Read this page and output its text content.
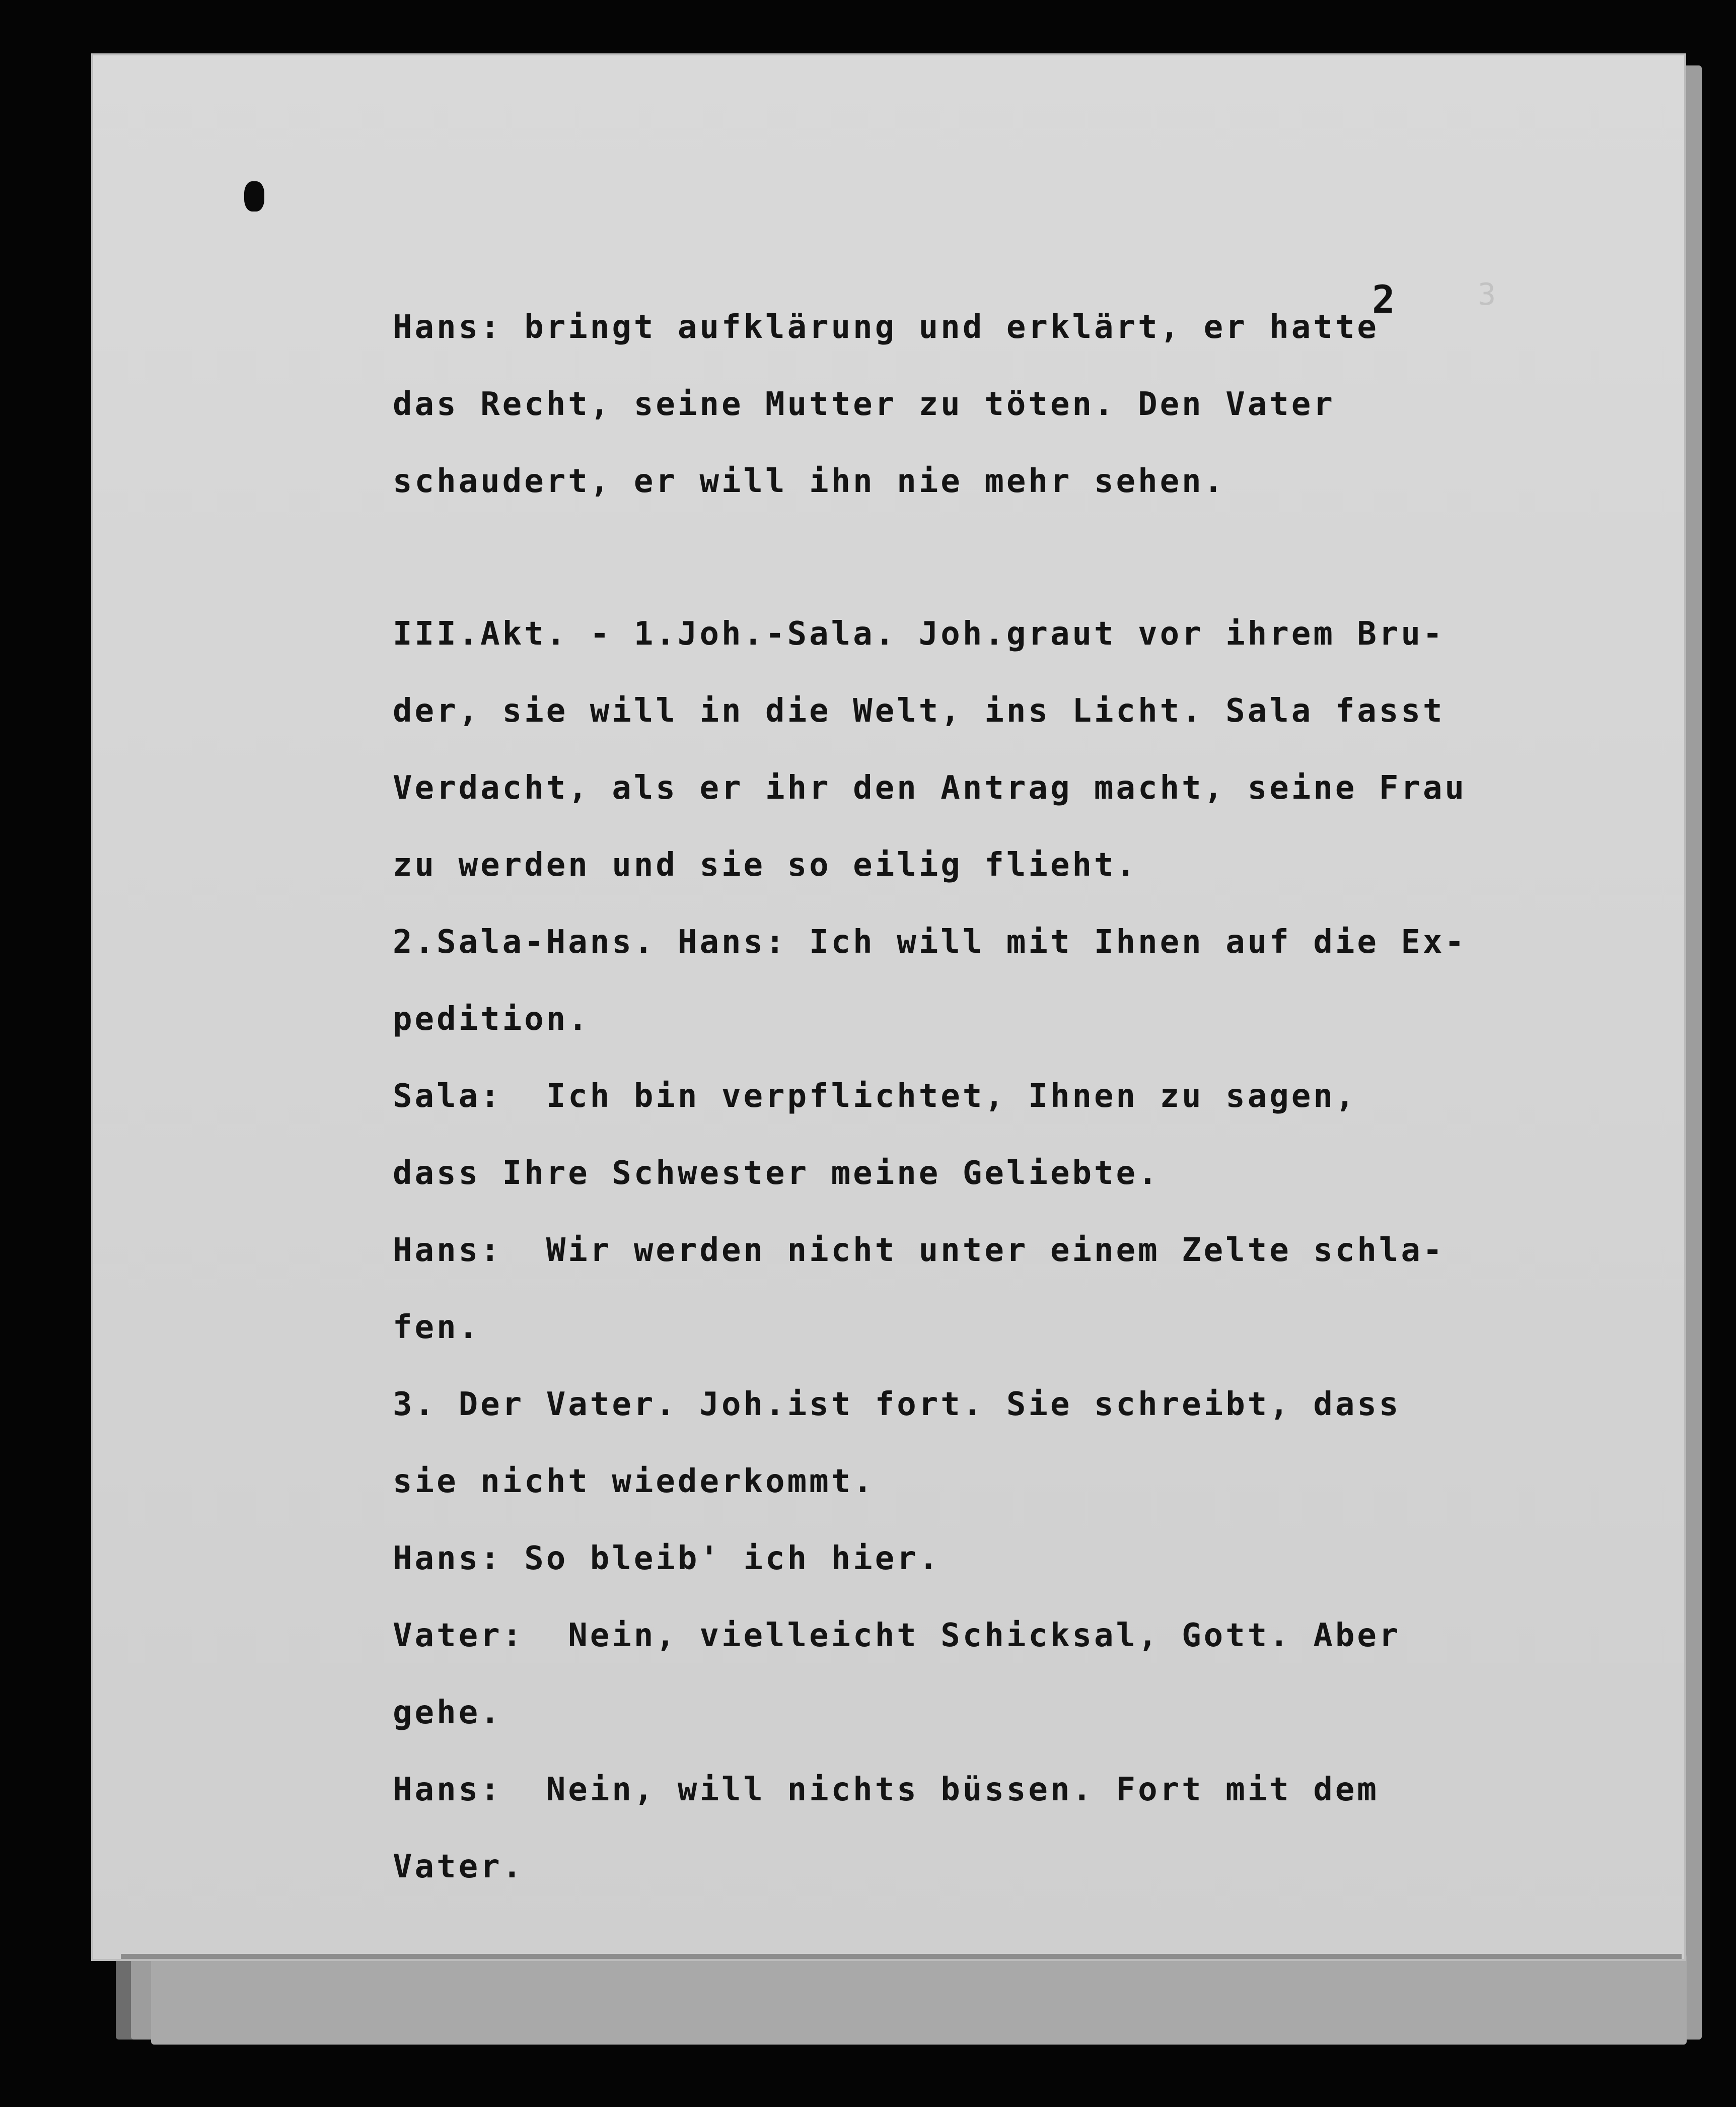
2	3
Hans: bringt aufklärung und erklärt, er hatte
das Recht, seine Mutter zu töten. Den Vater
schaudert, er will ihn nie mehr sehen.
III.Akt. - 1.Joh.-Sala. Joh.graut vor ihrem Bru-
der, sie will in die Welt, ins Licht. Sala fasst
Verdacht, als er ihr den Antrag macht, seine Frau
zu werden und sie so eilig flieht.
2.Sala-Hans. Hans: Ich will mit Ihnen auf die Ex-
pedition.
Sala:  Ich bin verpflichtet, Ihnen zu sagen,
dass Ihre Schwester meine Geliebte.
Hans:  Wir werden nicht unter einem Zelte schla-
fen.
3. Der Vater. Joh.ist fort. Sie schreibt, dass
sie nicht wiederkommt.
Hans: So bleib' ich hier.
Vater:  Nein, vielleicht Schicksal, Gott. Aber
gehe.
Hans:  Nein, will nichts büssen. Fort mit dem
Vater.
